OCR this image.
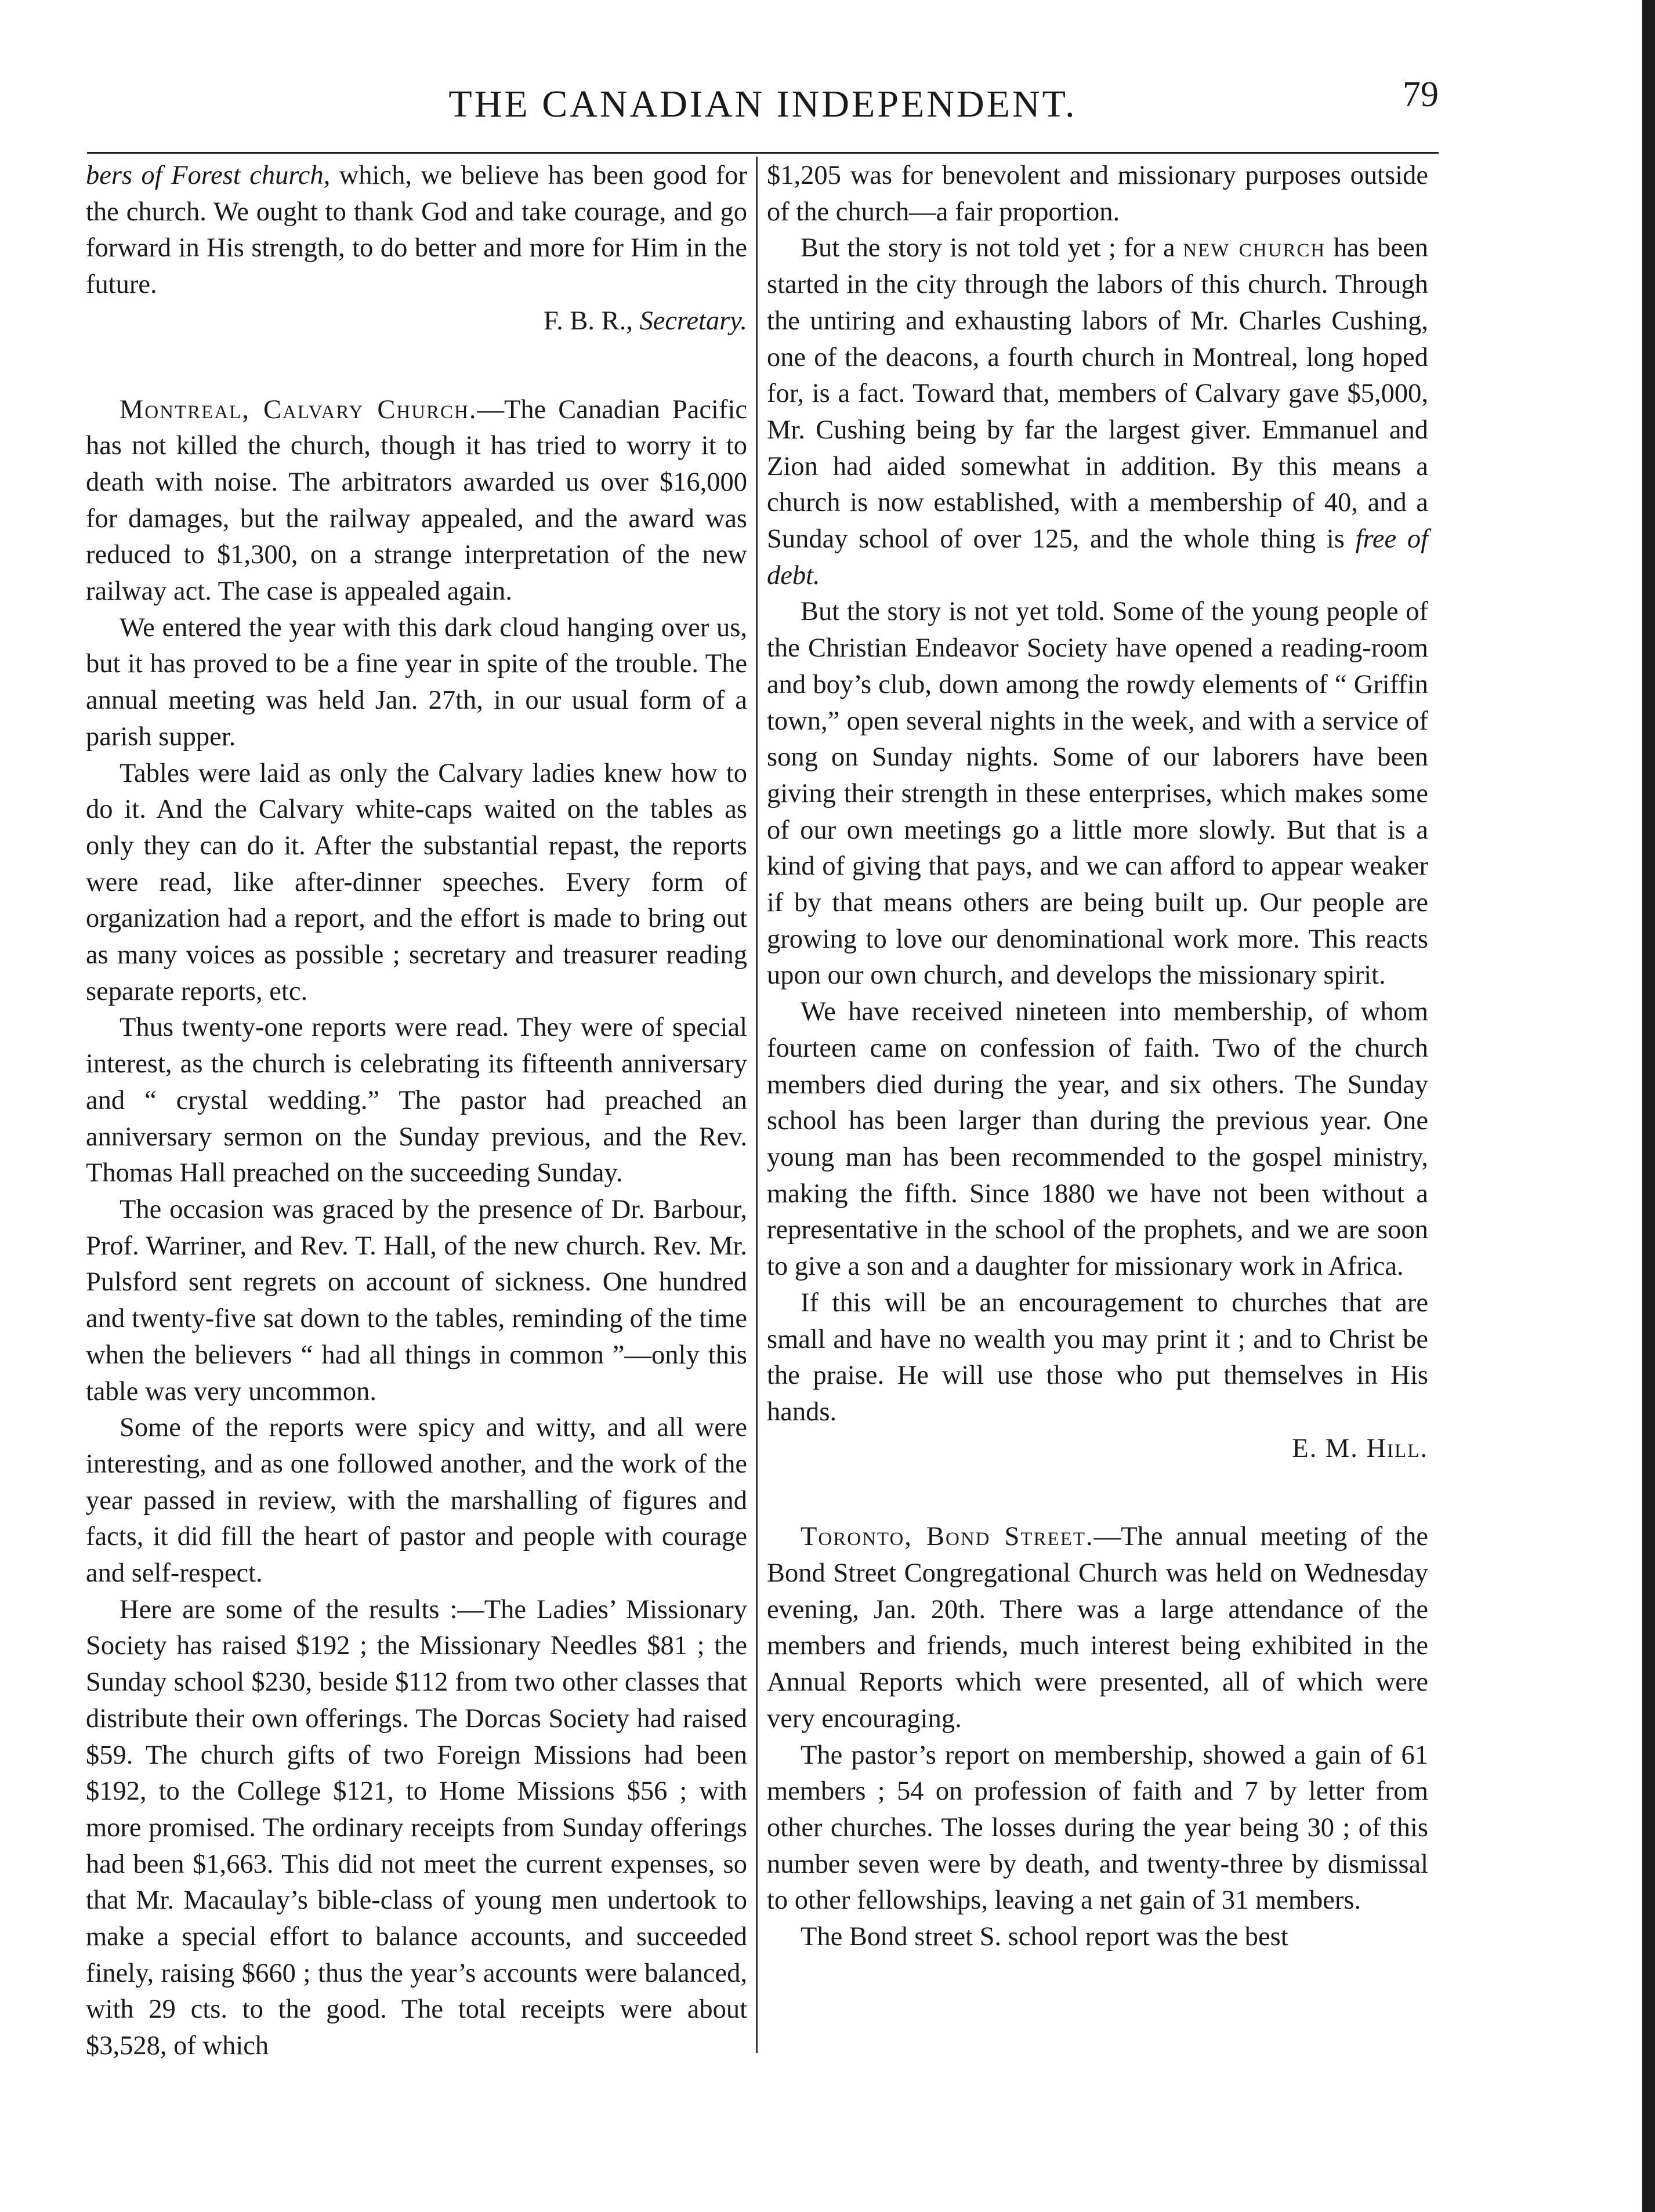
THE CANADIAN INDEPENDENT.	79

bers of Forest church, which, we believe has been good for the church. We ought to thank God and take courage, and go forward in His strength, to do better and more for Him in the future.

F. B. R., Secretary.

Montreal, Calvary Church.—The Canadian Pacific has not killed the church, though it has tried to worry it to death with noise. The arbitrators awarded us over $16,000 for damages, but the railway appealed, and the award was reduced to $1,300, on a strange interpretation of the new railway act. The case is appealed again.

We entered the year with this dark cloud hanging over us, but it has proved to be a fine year in spite of the trouble. The annual meeting was held Jan. 27th, in our usual form of a parish supper.

Tables were laid as only the Calvary ladies knew how to do it. And the Calvary white-caps waited on the tables as only they can do it. After the substantial repast, the reports were read, like after-dinner speeches. Every form of organization had a report, and the effort is made to bring out as many voices as possible ; secretary and treasurer reading separate reports, etc.

Thus twenty-one reports were read. They were of special interest, as the church is celebrating its fifteenth anniversary and “ crystal wedding.” The pastor had preached an anniversary sermon on the Sunday previous, and the Rev. Thomas Hall preached on the succeeding Sunday.

The occasion was graced by the presence of Dr. Barbour, Prof. Warriner, and Rev. T. Hall, of the new church. Rev. Mr. Pulsford sent regrets on account of sickness. One hundred and twenty-five sat down to the tables, reminding of the time when the believers “ had all things in common ”—only this table was very uncommon.

Some of the reports were spicy and witty, and all were interesting, and as one followed another, and the work of the year passed in review, with the marshalling of figures and facts, it did fill the heart of pastor and people with courage and self-respect.

Here are some of the results :—The Ladies’ Missionary Society has raised $192 ; the Missionary Needles $81 ; the Sunday school $230, beside $112 from two other classes that distribute their own offerings. The Dorcas Society had raised $59. The church gifts of two Foreign Missions had been $192, to the College $121, to Home Missions $56 ; with more promised. The ordinary receipts from Sunday offerings had been $1,663. This did not meet the current expenses, so that Mr. Macaulay’s bible-class of young men undertook to make a special effort to balance accounts, and succeeded finely, raising $660 ; thus the year’s accounts were balanced, with 29 cts. to the good. The total receipts were about $3,528, of which

$1,205 was for benevolent and missionary purposes outside of the church—a fair proportion.

But the story is not told yet ; for a new church has been started in the city through the labors of this church. Through the untiring and exhausting labors of Mr. Charles Cushing, one of the deacons, a fourth church in Montreal, long hoped for, is a fact. Toward that, members of Calvary gave $5,000, Mr. Cushing being by far the largest giver. Emmanuel and Zion had aided somewhat in addition. By this means a church is now established, with a membership of 40, and a Sunday school of over 125, and the whole thing is free of debt.

But the story is not yet told. Some of the young people of the Christian Endeavor Society have opened a reading-room and boy’s club, down among the rowdy elements of “ Griffin town,” open several nights in the week, and with a service of song on Sunday nights. Some of our laborers have been giving their strength in these enterprises, which makes some of our own meetings go a little more slowly. But that is a kind of giving that pays, and we can afford to appear weaker if by that means others are being built up. Our people are growing to love our denominational work more. This reacts upon our own church, and develops the missionary spirit.

We have received nineteen into membership, of whom fourteen came on confession of faith. Two of the church members died during the year, and six others. The Sunday school has been larger than during the previous year. One young man has been recommended to the gospel ministry, making the fifth. Since 1880 we have not been without a representative in the school of the prophets, and we are soon to give a son and a daughter for missionary work in Africa.

If this will be an encouragement to churches that are small and have no wealth you may print it ; and to Christ be the praise. He will use those who put themselves in His hands.

E. M. Hill.

Toronto, Bond Street.—The annual meeting of the Bond Street Congregational Church was held on Wednesday evening, Jan. 20th. There was a large attendance of the members and friends, much interest being exhibited in the Annual Reports which were presented, all of which were very encouraging.

The pastor’s report on membership, showed a gain of 61 members ; 54 on profession of faith and 7 by letter from other churches. The losses during the year being 30 ; of this number seven were by death, and twenty-three by dismissal to other fellowships, leaving a net gain of 31 members.

The Bond street S. school report was the best
